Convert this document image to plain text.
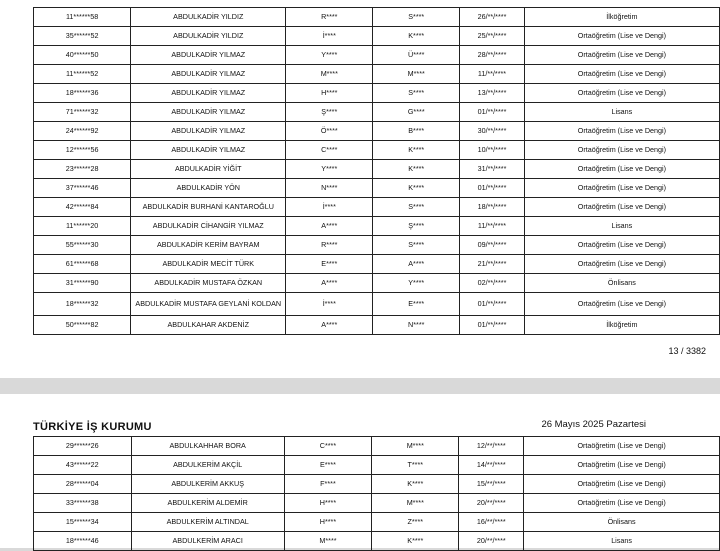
11******58	ABDULKADİR YILDIZ	R****	S****	26/**/****	İlköğretim
35******52	ABDULKADİR YILDIZ	İ****	K****	25/**/****	Ortaöğretim (Lise ve Dengi)
40******50	ABDULKADİR YILMAZ	Y****	Ü****	28/**/****	Ortaöğretim (Lise ve Dengi)
11******52	ABDULKADİR YILMAZ	M****	M****	11/**/****	Ortaöğretim (Lise ve Dengi)
18******36	ABDULKADİR YILMAZ	H****	S****	13/**/****	Ortaöğretim (Lise ve Dengi)
71******32	ABDULKADİR YILMAZ	Ş****	G****	01/**/****	Lisans
24******92	ABDULKADİR YILMAZ	Ö****	B****	30/**/****	Ortaöğretim (Lise ve Dengi)
12******56	ABDULKADİR YILMAZ	C****	K****	10/**/****	Ortaöğretim (Lise ve Dengi)
23******28	ABDULKADİR YİĞİT	Y****	K****	31/**/****	Ortaöğretim (Lise ve Dengi)
37******46	ABDULKADİR YÖN	N****	K****	01/**/****	Ortaöğretim (Lise ve Dengi)
42******84	ABDULKADİR BURHANİ KANTAROĞLU	İ****	S****	18/**/****	Ortaöğretim (Lise ve Dengi)
11******20	ABDULKADİR CİHANGİR YILMAZ	A****	Ş****	11/**/****	Lisans
55******30	ABDULKADİR KERİM BAYRAM	R****	S****	09/**/****	Ortaöğretim (Lise ve Dengi)
61******68	ABDULKADİR MECİT TÜRK	E****	A****	21/**/****	Ortaöğretim (Lise ve Dengi)
31******90	ABDULKADİR MUSTAFA ÖZKAN	A****	Y****	02/**/****	Önlisans
18******32	ABDULKADİR MUSTAFA GEYLANİ KOLDAN	İ****	E****	01/**/****	Ortaöğretim (Lise ve Dengi)
50******82	ABDULKAHAR AKDENİZ	A****	N****	01/**/****	İlköğretim
13 / 3382
TÜRKİYE İŞ KURUMU	26 Mayıs 2025 Pazartesi
29******26	ABDULKAHHAR BORA	C****	M****	12/**/****	Ortaöğretim (Lise ve Dengi)
43******22	ABDULKERİM AKÇİL	E****	T****	14/**/****	Ortaöğretim (Lise ve Dengi)
28******04	ABDULKERİM AKKUŞ	F****	K****	15/**/****	Ortaöğretim (Lise ve Dengi)
33******38	ABDULKERİM ALDEMİR	H****	M****	20/**/****	Ortaöğretim (Lise ve Dengi)
15******34	ABDULKERİM ALTINDAL	H****	Z****	16/**/****	Önlisans
18******46	ABDULKERİM ARACI	M****	K****	20/**/****	Lisans
